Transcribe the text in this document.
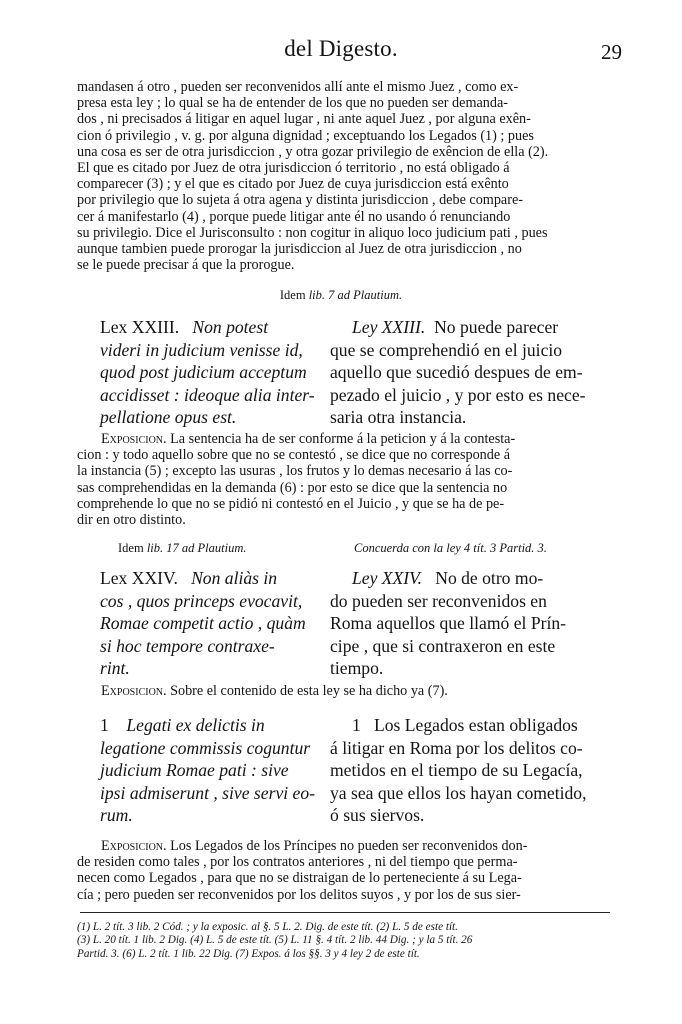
del Digesto.	29
mandasen á otro , pueden ser reconvenidos allí ante el mismo Juez , como ex-
presa esta ley ; lo qual se ha de entender de los que no pueden ser demanda-
dos , ni precisados á litigar en aquel lugar , ni ante aquel Juez , por alguna exên-
cion ó privilegio , v. g. por alguna dignidad ; exceptuando los Legados (1) ; pues
una cosa es ser de otra jurisdiccion , y otra gozar privilegio de exêncion de ella (2).
El que es citado por Juez de otra jurisdiccion ó territorio , no está obligado á
comparecer (3) ; y el que es citado por Juez de cuya jurisdiccion está exênto
por privilegio que lo sujeta á otra agena y distinta jurisdiccion , debe compare-
cer á manifestarlo (4) , porque puede litigar ante él no usando ó renunciando
su privilegio. Dice el Jurisconsulto : non cogitur in aliquo loco judicium pati , pues
aunque tambien puede prorogar la jurisdiccion al Juez de otra jurisdiccion , no
se le puede precisar á que la prorogue.
Idem lib. 7 ad Plautium.
Lex XXIII. Non potest
videri in judicium venisse id,
quod post judicium acceptum
accidisset : ideoque alia inter-
pellatione opus est.
Ley XXIII. No puede parecer
que se comprehendió en el juicio
aquello que sucedió despues de em-
pezado el juicio , y por esto es nece-
saria otra instancia.
Exposicion. La sentencia ha de ser conforme á la peticion y á la contesta-
cion : y todo aquello sobre que no se contestó , se dice que no corresponde á
la instancia (5) ; excepto las usuras , los frutos y lo demas necesario á las co-
sas comprehendidas en la demanda (6) : por esto se dice que la sentencia no
comprehende lo que no se pidió ni contestó en el Juicio , y que se ha de pe-
dir en otro distinto.
Idem lib. 17 ad Plautium.	Concuerda con la ley 4 tít. 3 Partid. 3.
Lex XXIV. Non aliàs in
cos , quos princeps evocavit,
Romae competit actio , quàm
si hoc tempore contraxe-
rint.
Ley XXIV. No de otro mo-
do pueden ser reconvenidos en
Roma aquellos que llamó el Prín-
cipe , que si contraxeron en este
tiempo.
Exposicion. Sobre el contenido de esta ley se ha dicho ya (7).
1 Legati ex delictis in
legatione commissis coguntur
judicium Romae pati : sive
ipsi admiserunt , sive servi eo-
rum.
1 Los Legados estan obligados
á litigar en Roma por los delitos co-
metidos en el tiempo de su Legacía,
ya sea que ellos los hayan cometido,
ó sus siervos.
Exposicion. Los Legados de los Príncipes no pueden ser reconvenidos don-
de residen como tales , por los contratos anteriores , ni del tiempo que perma-
necen como Legados , para que no se distraigan de lo perteneciente á su Lega-
cía ; pero pueden ser reconvenidos por los delitos suyos , y por los de sus sier-
(1) L. 2 tít. 3 lib. 2 Cód. ; y la exposic. al §. 5 L. 2. Dig. de este tít. (2) L. 5 de este tít.
(3) L. 20 tít. 1 lib. 2 Dig. (4) L. 5 de este tít. (5) L. 11 §. 4 tít. 2 lib. 44 Dig. ; y la 5 tít. 26
Partid. 3. (6) L. 2 tít. 1 lib. 22 Dig. (7) Expos. á los §§. 3 y 4 ley 2 de este tít.
